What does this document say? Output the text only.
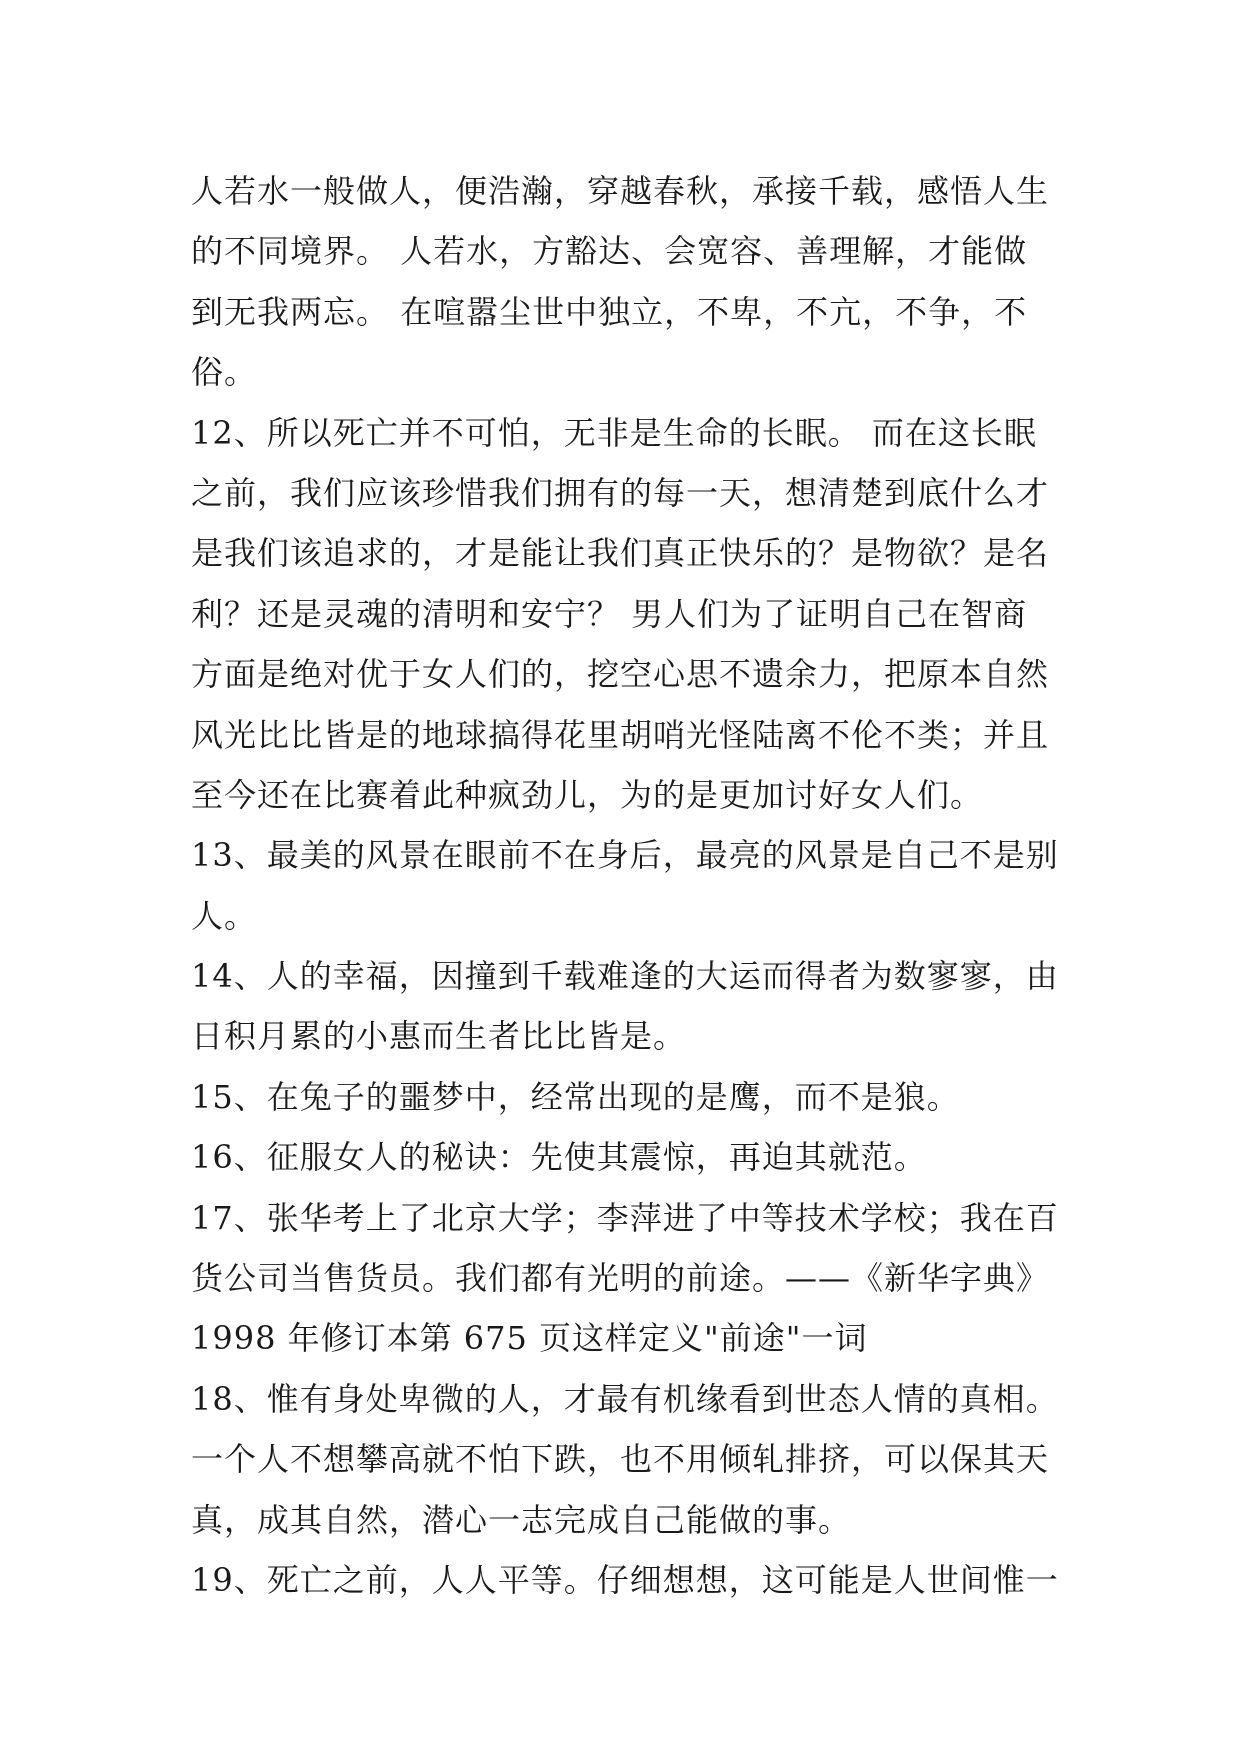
人若水一般做人，便浩瀚，穿越春秋，承接千载，感悟人生
的不同境界。 人若水，方豁达、会宽容、善理解，才能做
到无我两忘。 在喧嚣尘世中独立，不卑，不亢，不争，不
俗。
12、所以死亡并不可怕，无非是生命的长眠。 而在这长眠
之前，我们应该珍惜我们拥有的每一天，想清楚到底什么才
是我们该追求的，才是能让我们真正快乐的？是物欲？是名
利？还是灵魂的清明和安宁？ 男人们为了证明自己在智商
方面是绝对优于女人们的，挖空心思不遗余力，把原本自然
风光比比皆是的地球搞得花里胡哨光怪陆离不伦不类；并且
至今还在比赛着此种疯劲儿，为的是更加讨好女人们。
13、最美的风景在眼前不在身后，最亮的风景是自己不是别
人。
14、人的幸福，因撞到千载难逢的大运而得者为数寥寥，由
日积月累的小惠而生者比比皆是。
15、在兔子的噩梦中，经常出现的是鹰，而不是狼。
16、征服女人的秘诀：先使其震惊，再迫其就范。
17、张华考上了北京大学；李萍进了中等技术学校；我在百
货公司当售货员。我们都有光明的前途。——《新华字典》
1998 年修订本第 675 页这样定义"前途"一词
18、惟有身处卑微的人，才最有机缘看到世态人情的真相。
一个人不想攀高就不怕下跌，也不用倾轧排挤，可以保其天
真，成其自然，潜心一志完成自己能做的事。
19、死亡之前，人人平等。仔细想想，这可能是人世间惟一
